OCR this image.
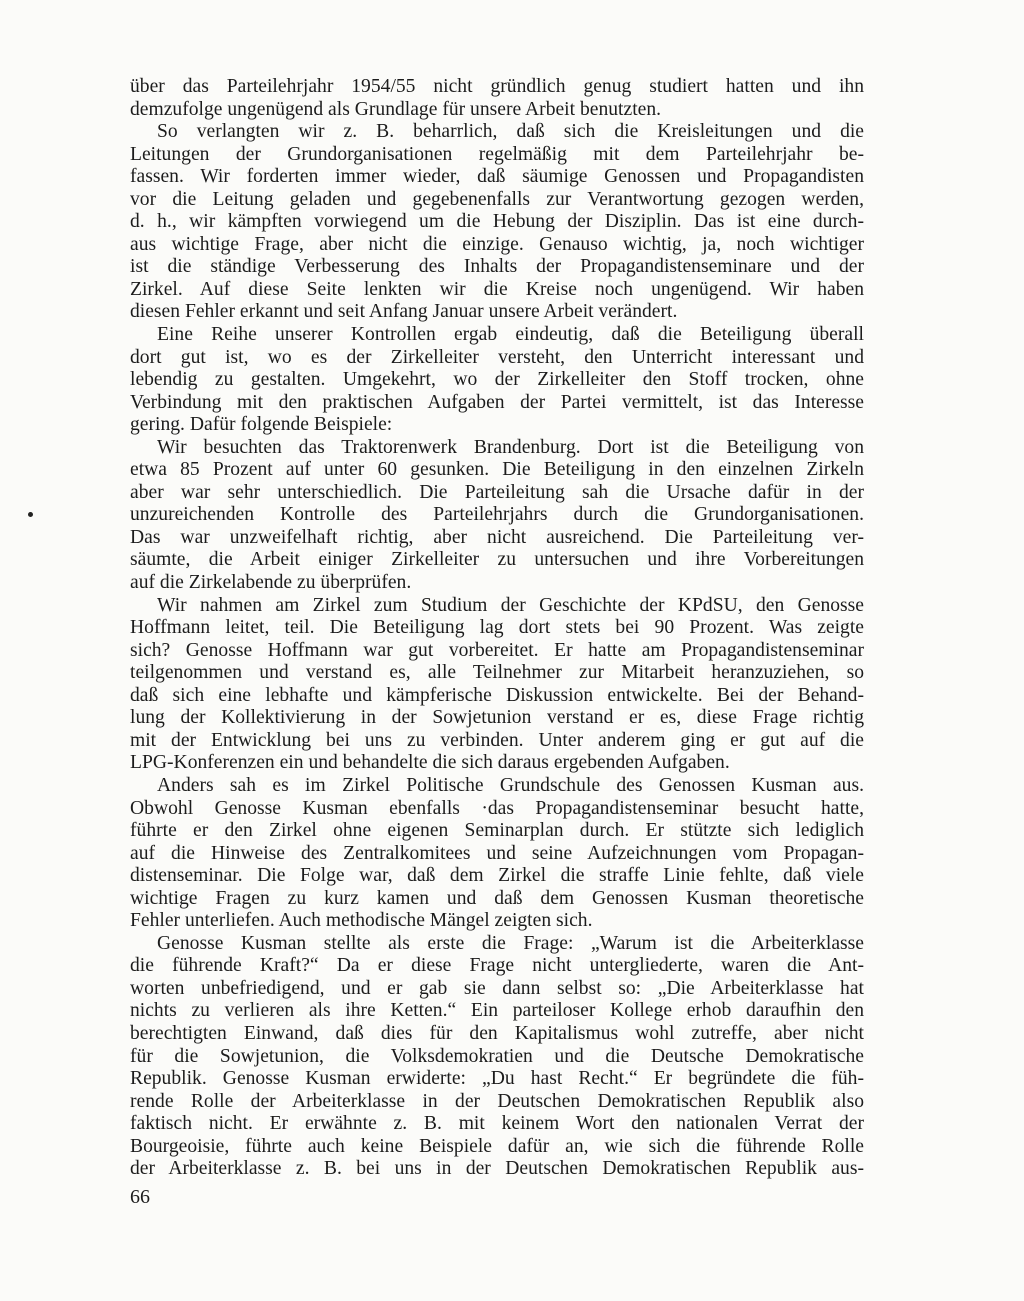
über das Parteilehrjahr 1954/55 nicht gründlich genug studiert hatten und ihn
demzufolge ungenügend als Grundlage für unsere Arbeit benutzten.
So verlangten wir z. B. beharrlich, daß sich die Kreisleitungen und die
Leitungen der Grundorganisationen regelmäßig mit dem Parteilehrjahr be-
fassen. Wir forderten immer wieder, daß säumige Genossen und Propagandisten
vor die Leitung geladen und gegebenenfalls zur Verantwortung gezogen werden,
d. h., wir kämpften vorwiegend um die Hebung der Disziplin. Das ist eine durch-
aus wichtige Frage, aber nicht die einzige. Genauso wichtig, ja, noch wichtiger
ist die ständige Verbesserung des Inhalts der Propagandistenseminare und der
Zirkel. Auf diese Seite lenkten wir die Kreise noch ungenügend. Wir haben
diesen Fehler erkannt und seit Anfang Januar unsere Arbeit verändert.
Eine Reihe unserer Kontrollen ergab eindeutig, daß die Beteiligung überall
dort gut ist, wo es der Zirkelleiter versteht, den Unterricht interessant und
lebendig zu gestalten. Umgekehrt, wo der Zirkelleiter den Stoff trocken, ohne
Verbindung mit den praktischen Aufgaben der Partei vermittelt, ist das Interesse
gering. Dafür folgende Beispiele:
Wir besuchten das Traktorenwerk Brandenburg. Dort ist die Beteiligung von
etwa 85 Prozent auf unter 60 gesunken. Die Beteiligung in den einzelnen Zirkeln
aber war sehr unterschiedlich. Die Parteileitung sah die Ursache dafür in der
unzureichenden Kontrolle des Parteilehrjahrs durch die Grundorganisationen.
Das war unzweifelhaft richtig, aber nicht ausreichend. Die Parteileitung ver-
säumte, die Arbeit einiger Zirkelleiter zu untersuchen und ihre Vorbereitungen
auf die Zirkelabende zu überprüfen.
Wir nahmen am Zirkel zum Studium der Geschichte der KPdSU, den Genosse
Hoffmann leitet, teil. Die Beteiligung lag dort stets bei 90 Prozent. Was zeigte
sich? Genosse Hoffmann war gut vorbereitet. Er hatte am Propagandistenseminar
teilgenommen und verstand es, alle Teilnehmer zur Mitarbeit heranzuziehen, so
daß sich eine lebhafte und kämpferische Diskussion entwickelte. Bei der Behand-
lung der Kollektivierung in der Sowjetunion verstand er es, diese Frage richtig
mit der Entwicklung bei uns zu verbinden. Unter anderem ging er gut auf die
LPG-Konferenzen ein und behandelte die sich daraus ergebenden Aufgaben.
Anders sah es im Zirkel Politische Grundschule des Genossen Kusman aus.
Obwohl Genosse Kusman ebenfalls ·das Propagandistenseminar besucht hatte,
führte er den Zirkel ohne eigenen Seminarplan durch. Er stützte sich lediglich
auf die Hinweise des Zentralkomitees und seine Aufzeichnungen vom Propagan-
distenseminar. Die Folge war, daß dem Zirkel die straffe Linie fehlte, daß viele
wichtige Fragen zu kurz kamen und daß dem Genossen Kusman theoretische
Fehler unterliefen. Auch methodische Mängel zeigten sich.
Genosse Kusman stellte als erste die Frage: „Warum ist die Arbeiterklasse
die führende Kraft?“ Da er diese Frage nicht untergliederte, waren die Ant-
worten unbefriedigend, und er gab sie dann selbst so: „Die Arbeiterklasse hat
nichts zu verlieren als ihre Ketten.“ Ein parteiloser Kollege erhob daraufhin den
berechtigten Einwand, daß dies für den Kapitalismus wohl zutreffe, aber nicht
für die Sowjetunion, die Volksdemokratien und die Deutsche Demokratische
Republik. Genosse Kusman erwiderte: „Du hast Recht.“ Er begründete die füh-
rende Rolle der Arbeiterklasse in der Deutschen Demokratischen Republik also
faktisch nicht. Er erwähnte z. B. mit keinem Wort den nationalen Verrat der
Bourgeoisie, führte auch keine Beispiele dafür an, wie sich die führende Rolle
der Arbeiterklasse z. B. bei uns in der Deutschen Demokratischen Republik aus-
66
